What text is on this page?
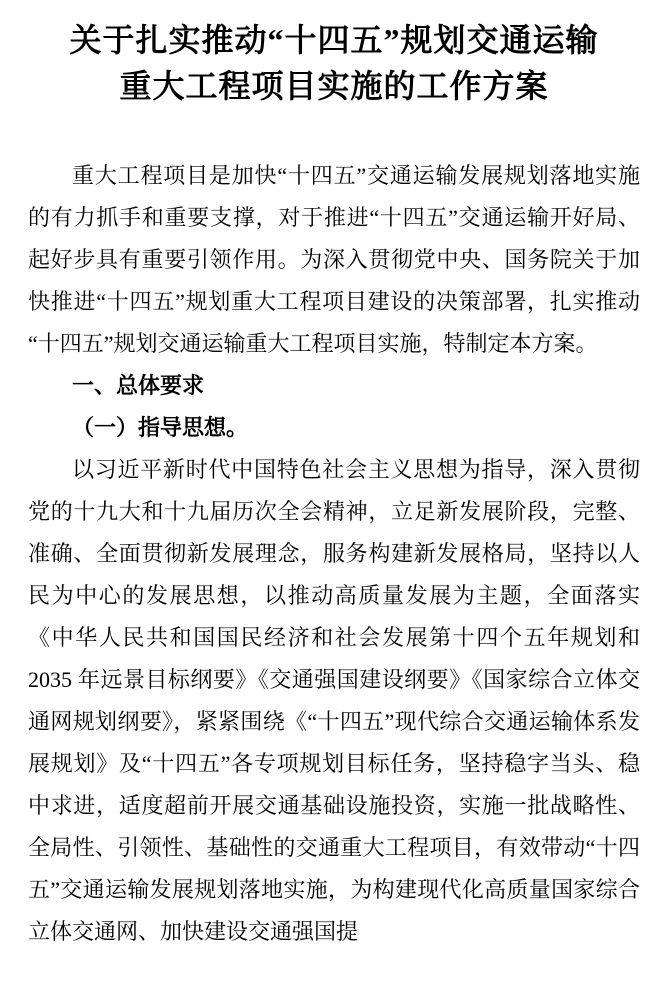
关于扎实推动“十四五”规划交通运输
重大工程项目实施的工作方案

重大工程项目是加快“十四五”交通运输发展规划落地实施的有力抓手和重要支撑，对于推进“十四五”交通运输开好局、起好步具有重要引领作用。为深入贯彻党中央、国务院关于加快推进“十四五”规划重大工程项目建设的决策部署，扎实推动“十四五”规划交通运输重大工程项目实施，特制定本方案。

一、总体要求
（一）指导思想。

以习近平新时代中国特色社会主义思想为指导，深入贯彻党的十九大和十九届历次全会精神，立足新发展阶段，完整、准确、全面贯彻新发展理念，服务构建新发展格局，坚持以人民为中心的发展思想，以推动高质量发展为主题，全面落实《中华人民共和国国民经济和社会发展第十四个五年规划和 2035 年远景目标纲要》《交通强国建设纲要》《国家综合立体交通网规划纲要》，紧紧围绕《“十四五”现代综合交通运输体系发展规划》及“十四五”各专项规划目标任务，坚持稳字当头、稳中求进，适度超前开展交通基础设施投资，实施一批战略性、全局性、引领性、基础性的交通重大工程项目，有效带动“十四五”交通运输发展规划落地实施，为构建现代化高质量国家综合立体交通网、加快建设交通强国提
